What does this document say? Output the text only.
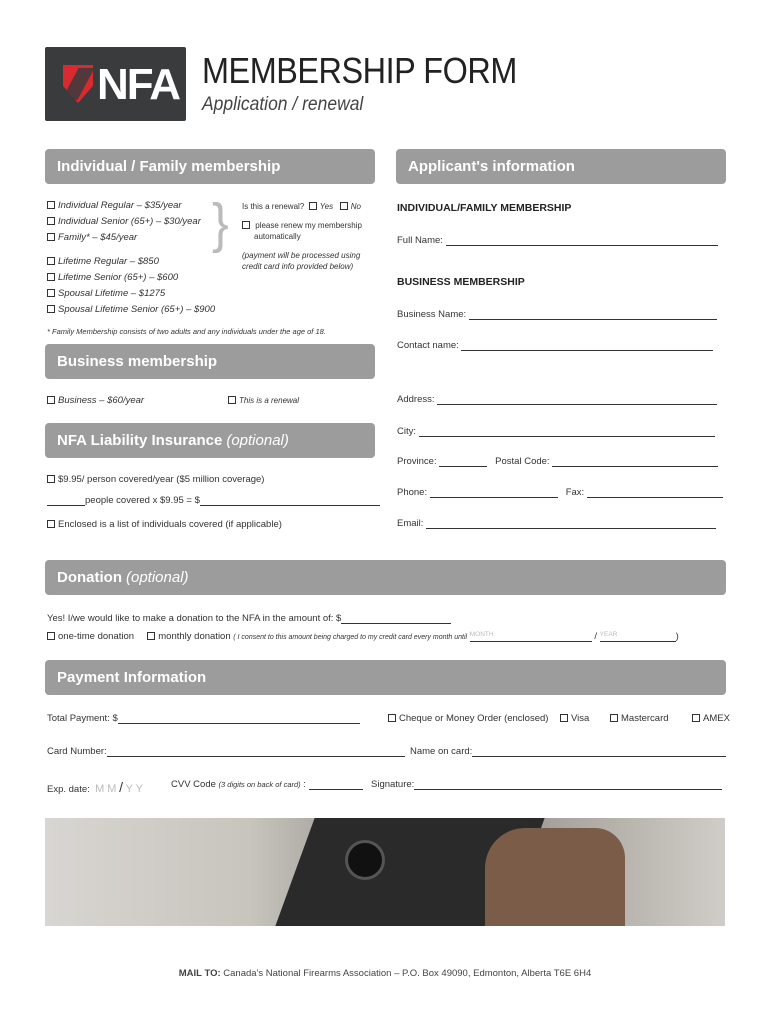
NFA MEMBERSHIP FORM
Application / renewal
Individual / Family membership
Individual Regular – $35/year
Individual Senior (65+) – $30/year
Family* – $45/year
Lifetime Regular – $850
Lifetime Senior (65+) – $600
Spousal Lifetime – $1275
Spousal Lifetime Senior (65+) – $900
} Is this a renewal? Yes No
please renew my membership
automatically
(payment will be processed using
credit card info provided below)
* Family Membership consists of two adults and any individuals under the age of 18.
Business membership
Business – $60/year	This is a renewal
NFA Liability Insurance (optional)
$9.95/ person covered/year ($5 million coverage)
people covered x $9.95 = $
Enclosed is a list of individuals covered (if applicable)
Applicant's information
INDIVIDUAL/FAMILY MEMBERSHIP
Full Name:
BUSINESS MEMBERSHIP
Business Name:
Contact name:
Address:
City:
Province:	Postal Code:
Phone:	Fax:
Email:
Donation (optional)
Yes! I/we would like to make a donation to the NFA in the amount of: $
one-time donation	monthly donation ( I consent to this amount being charged to my credit card every month until MONTH	/ YEAR	)
Payment Information
Total Payment: $	Cheque or Money Order (enclosed)	Visa	Mastercard	AMEX
Card Number:	Name on card:
Exp. date: M M / Y Y	CVV Code (3 digits on back of card) :	Signature:
MAIL TO: Canada's National Firearms Association – P.O. Box 49090, Edmonton, Alberta T6E 6H4
